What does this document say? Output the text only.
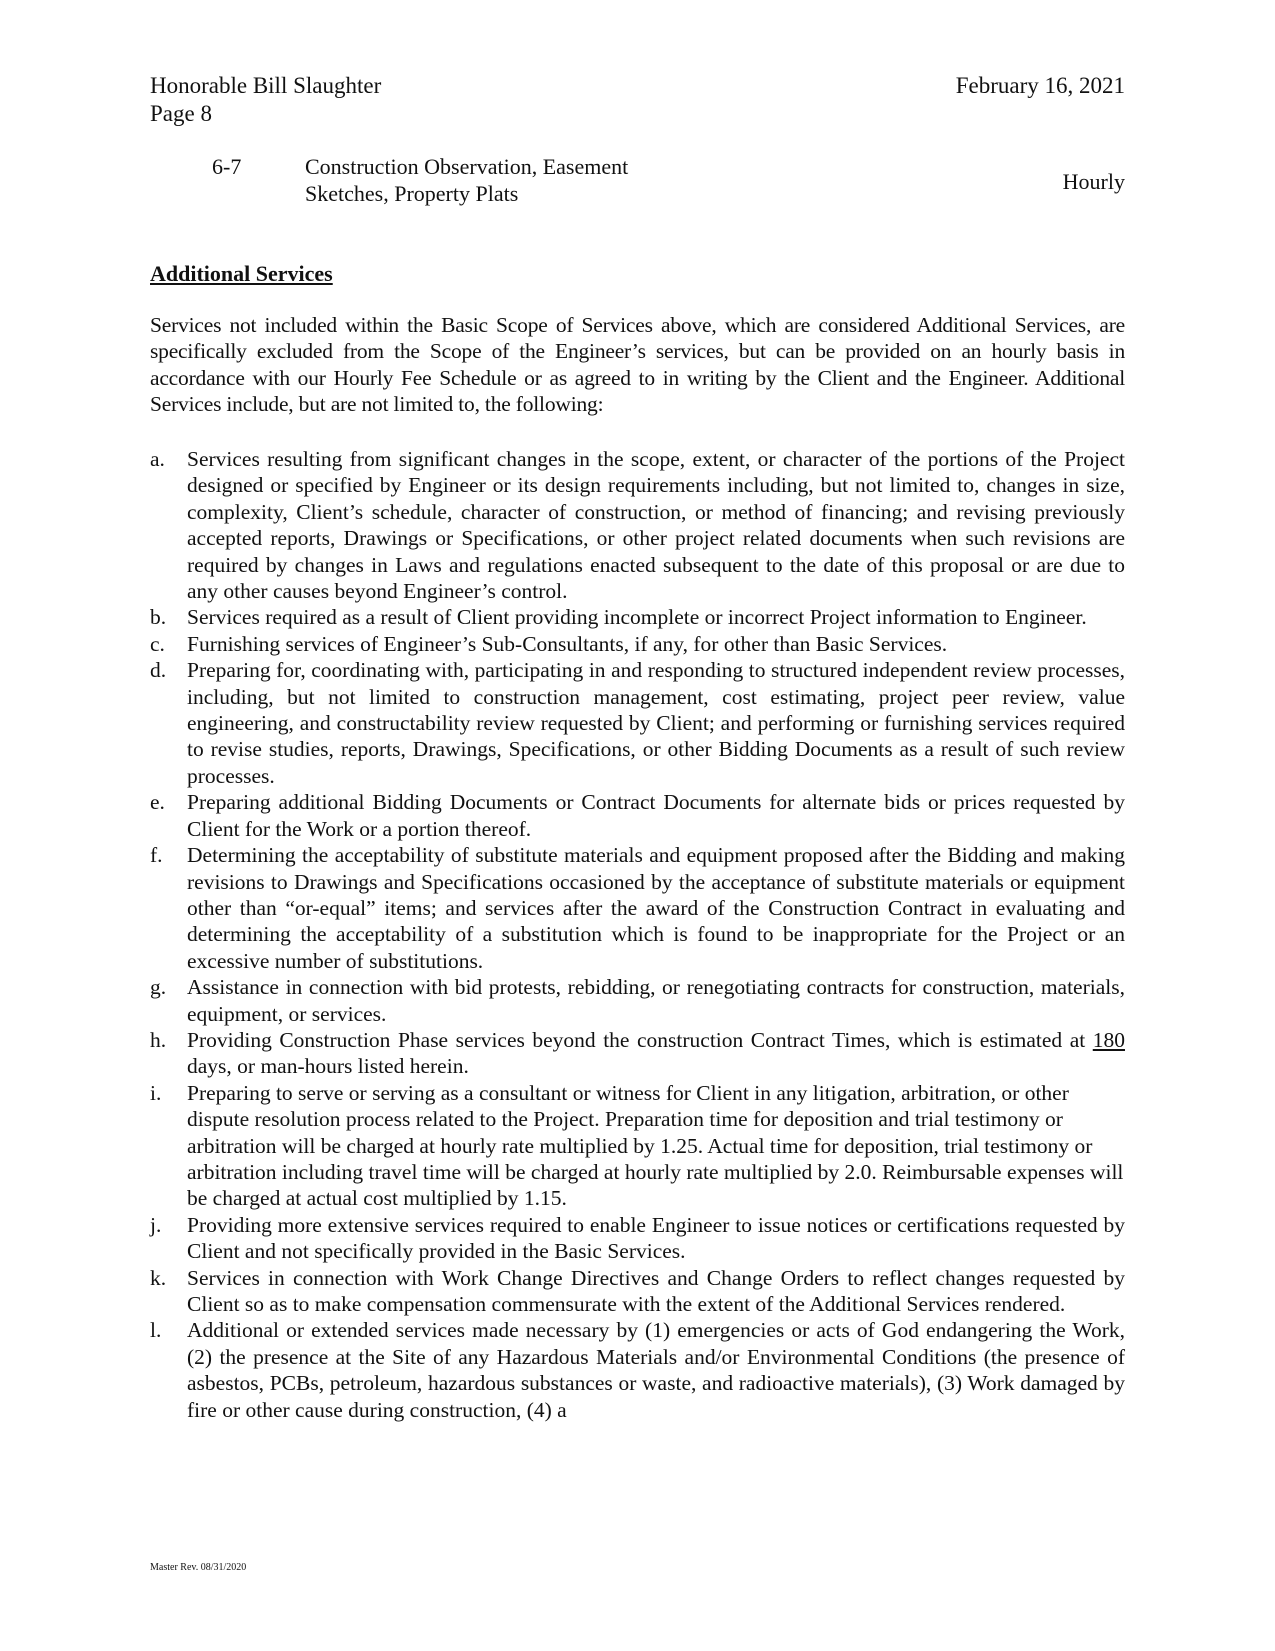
Honorable Bill Slaughter
Page 8
February 16, 2021
6-7	Construction Observation, Easement
Sketches, Property Plats	Hourly
Additional Services
Services not included within the Basic Scope of Services above, which are considered Additional Services, are specifically excluded from the Scope of the Engineer’s services, but can be provided on an hourly basis in accordance with our Hourly Fee Schedule or as agreed to in writing by the Client and the Engineer. Additional Services include, but are not limited to, the following:
a. Services resulting from significant changes in the scope, extent, or character of the portions of the Project designed or specified by Engineer or its design requirements including, but not limited to, changes in size, complexity, Client’s schedule, character of construction, or method of financing; and revising previously accepted reports, Drawings or Specifications, or other project related documents when such revisions are required by changes in Laws and regulations enacted subsequent to the date of this proposal or are due to any other causes beyond Engineer’s control.
b. Services required as a result of Client providing incomplete or incorrect Project information to Engineer.
c. Furnishing services of Engineer’s Sub-Consultants, if any, for other than Basic Services.
d. Preparing for, coordinating with, participating in and responding to structured independent review processes, including, but not limited to construction management, cost estimating, project peer review, value engineering, and constructability review requested by Client; and performing or furnishing services required to revise studies, reports, Drawings, Specifications, or other Bidding Documents as a result of such review processes.
e. Preparing additional Bidding Documents or Contract Documents for alternate bids or prices requested by Client for the Work or a portion thereof.
f. Determining the acceptability of substitute materials and equipment proposed after the Bidding and making revisions to Drawings and Specifications occasioned by the acceptance of substitute materials or equipment other than “or-equal” items; and services after the award of the Construction Contract in evaluating and determining the acceptability of a substitution which is found to be inappropriate for the Project or an excessive number of substitutions.
g. Assistance in connection with bid protests, rebidding, or renegotiating contracts for construction, materials, equipment, or services.
h. Providing Construction Phase services beyond the construction Contract Times, which is estimated at 180 days, or man-hours listed herein.
i. Preparing to serve or serving as a consultant or witness for Client in any litigation, arbitration, or other dispute resolution process related to the Project. Preparation time for deposition and trial testimony or arbitration will be charged at hourly rate multiplied by 1.25. Actual time for deposition, trial testimony or arbitration including travel time will be charged at hourly rate multiplied by 2.0. Reimbursable expenses will be charged at actual cost multiplied by 1.15.
j. Providing more extensive services required to enable Engineer to issue notices or certifications requested by Client and not specifically provided in the Basic Services.
k. Services in connection with Work Change Directives and Change Orders to reflect changes requested by Client so as to make compensation commensurate with the extent of the Additional Services rendered.
l. Additional or extended services made necessary by (1) emergencies or acts of God endangering the Work, (2) the presence at the Site of any Hazardous Materials and/or Environmental Conditions (the presence of asbestos, PCBs, petroleum, hazardous substances or waste, and radioactive materials), (3) Work damaged by fire or other cause during construction, (4) a
Master Rev. 08/31/2020
